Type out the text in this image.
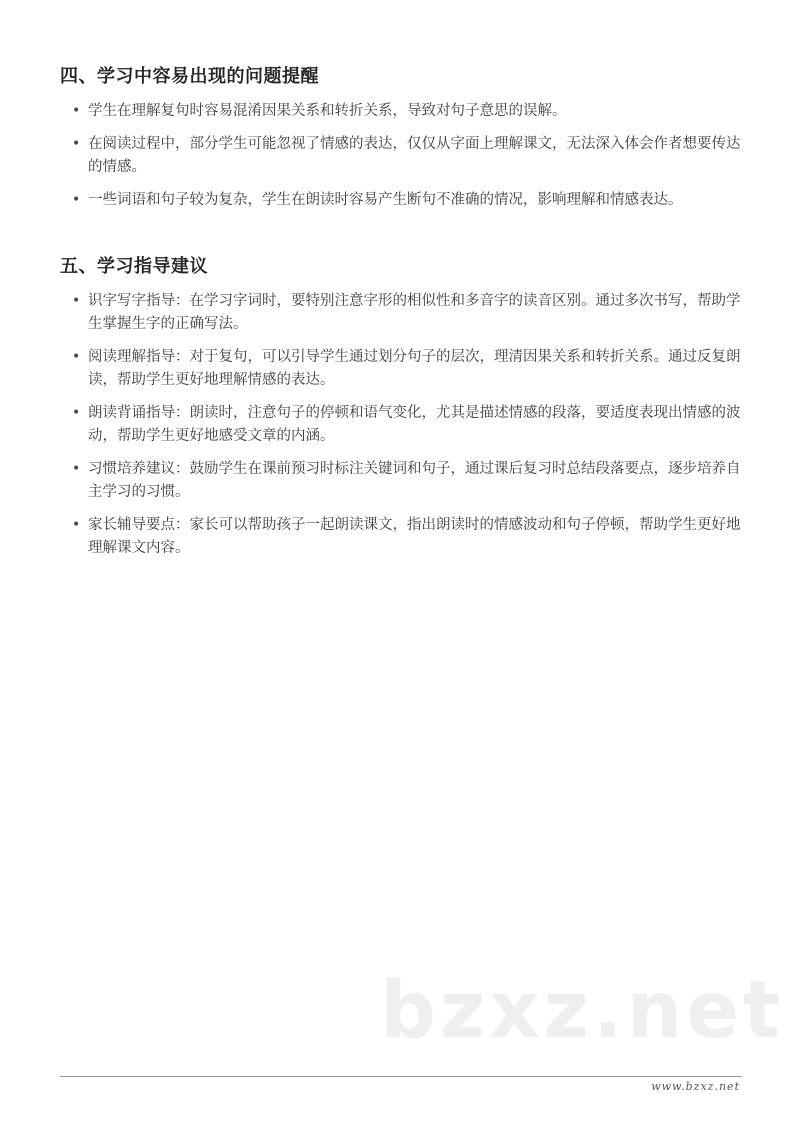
四、学习中容易出现的问题提醒
• 学生在理解复句时容易混淆因果关系和转折关系，导致对句子意思的误解。
• 在阅读过程中，部分学生可能忽视了情感的表达，仅仅从字面上理解课文，无法深入体会作者想要传达的情感。
• 一些词语和句子较为复杂，学生在朗读时容易产生断句不准确的情况，影响理解和情感表达。
五、学习指导建议
• 识字写字指导：在学习字词时，要特别注意字形的相似性和多音字的读音区别。通过多次书写，帮助学生掌握生字的正确写法。
• 阅读理解指导：对于复句，可以引导学生通过划分句子的层次，理清因果关系和转折关系。通过反复朗读，帮助学生更好地理解情感的表达。
• 朗读背诵指导：朗读时，注意句子的停顿和语气变化，尤其是描述情感的段落，要适度表现出情感的波动，帮助学生更好地感受文章的内涵。
• 习惯培养建议：鼓励学生在课前预习时标注关键词和句子，通过课后复习时总结段落要点，逐步培养自主学习的习惯。
• 家长辅导要点：家长可以帮助孩子一起朗读课文，指出朗读时的情感波动和句子停顿，帮助学生更好地理解课文内容。
bzxz.net
www.bzxz.net
